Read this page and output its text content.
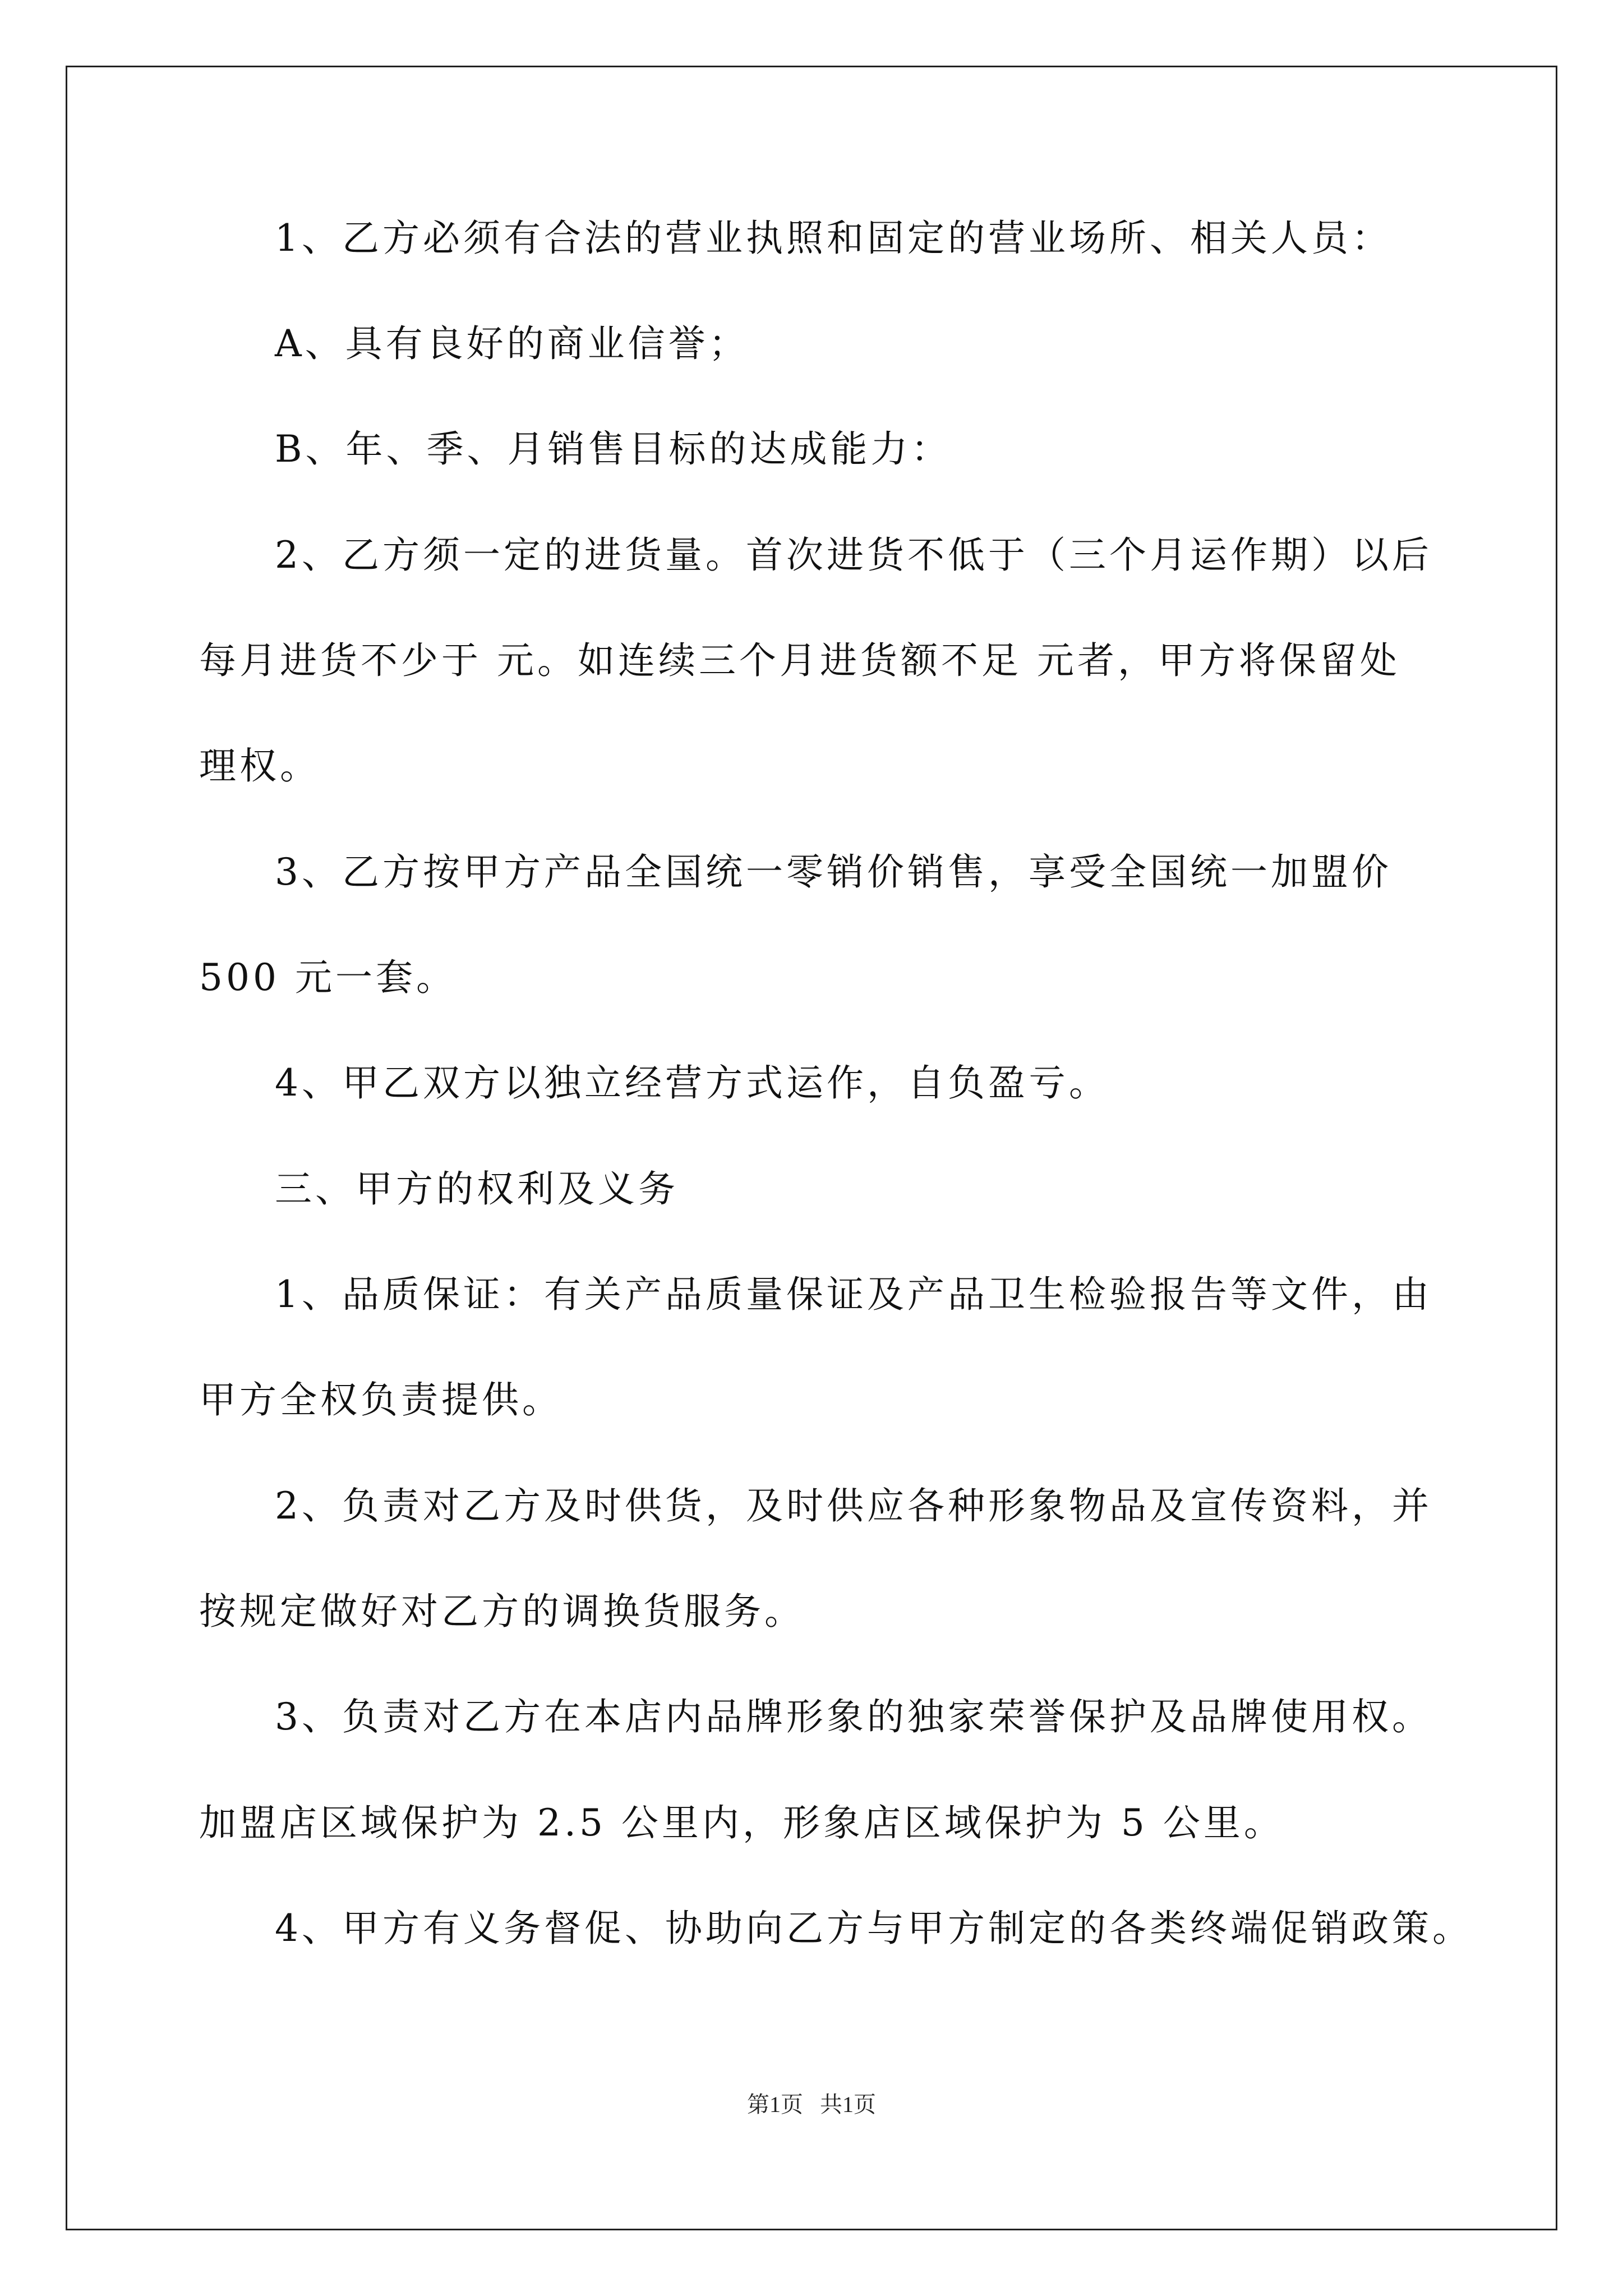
1、乙方必须有合法的营业执照和固定的营业场所、相关人员：
A、具有良好的商业信誉；
B、年、季、月销售目标的达成能力：
2、乙方须一定的进货量。首次进货不低于（三个月运作期）以后
每月进货不少于 元。如连续三个月进货额不足 元者，甲方将保留处
理权。
3、乙方按甲方产品全国统一零销价销售，享受全国统一加盟价
500 元一套。
4、甲乙双方以独立经营方式运作，自负盈亏。
三、甲方的权利及义务
1、品质保证：有关产品质量保证及产品卫生检验报告等文件，由
甲方全权负责提供。
2、负责对乙方及时供货，及时供应各种形象物品及宣传资料，并
按规定做好对乙方的调换货服务。
3、负责对乙方在本店内品牌形象的独家荣誉保护及品牌使用权。
加盟店区域保护为 2.5 公里内，形象店区域保护为 5 公里。
4、甲方有义务督促、协助向乙方与甲方制定的各类终端促销政策。
第1页   共1页
